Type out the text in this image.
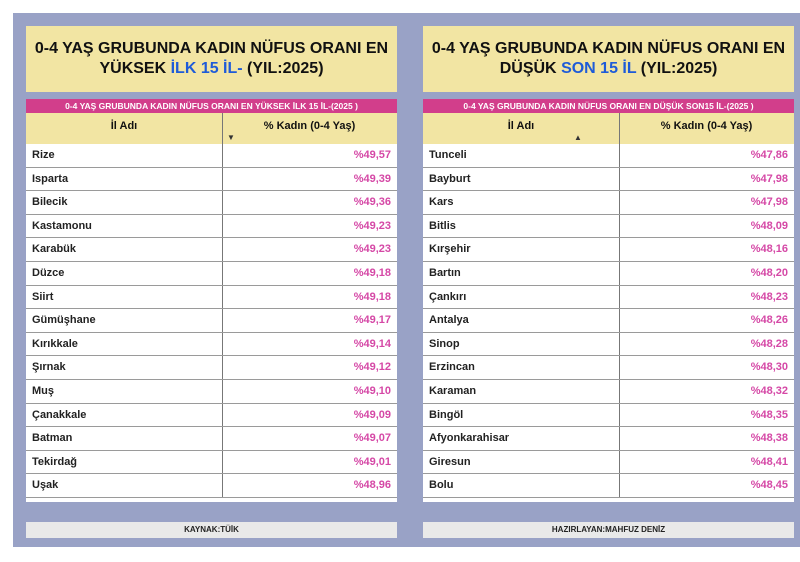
0-4 YAŞ GRUBUNDA KADIN NÜFUS ORANI EN YÜKSEK İLK 15 İL- (YIL:2025)
0-4 YAŞ GRUBUNDA KADIN NÜFUS ORANI EN YÜKSEK İLK 15 İL-(2025 )
İl Adı	% Kadın (0-4 Yaş)
▼
Rize	%49,57
Isparta	%49,39
Bilecik	%49,36
Kastamonu	%49,23
Karabük	%49,23
Düzce	%49,18
Siirt	%49,18
Gümüşhane	%49,17
Kırıkkale	%49,14
Şırnak	%49,12
Muş	%49,10
Çanakkale	%49,09
Batman	%49,07
Tekirdağ	%49,01
Uşak	%48,96
KAYNAK:TÜİK
0-4 YAŞ GRUBUNDA KADIN NÜFUS ORANI EN DÜŞÜK SON 15 İL (YIL:2025)
0-4 YAŞ GRUBUNDA KADIN NÜFUS ORANI EN DÜŞÜK SON15 İL-(2025 )
İl Adı	% Kadın (0-4 Yaş)
▲
Tunceli	%47,86
Bayburt	%47,98
Kars	%47,98
Bitlis	%48,09
Kırşehir	%48,16
Bartın	%48,20
Çankırı	%48,23
Antalya	%48,26
Sinop	%48,28
Erzincan	%48,30
Karaman	%48,32
Bingöl	%48,35
Afyonkarahisar	%48,38
Giresun	%48,41
Bolu	%48,45
HAZIRLAYAN:MAHFUZ DENİZ
